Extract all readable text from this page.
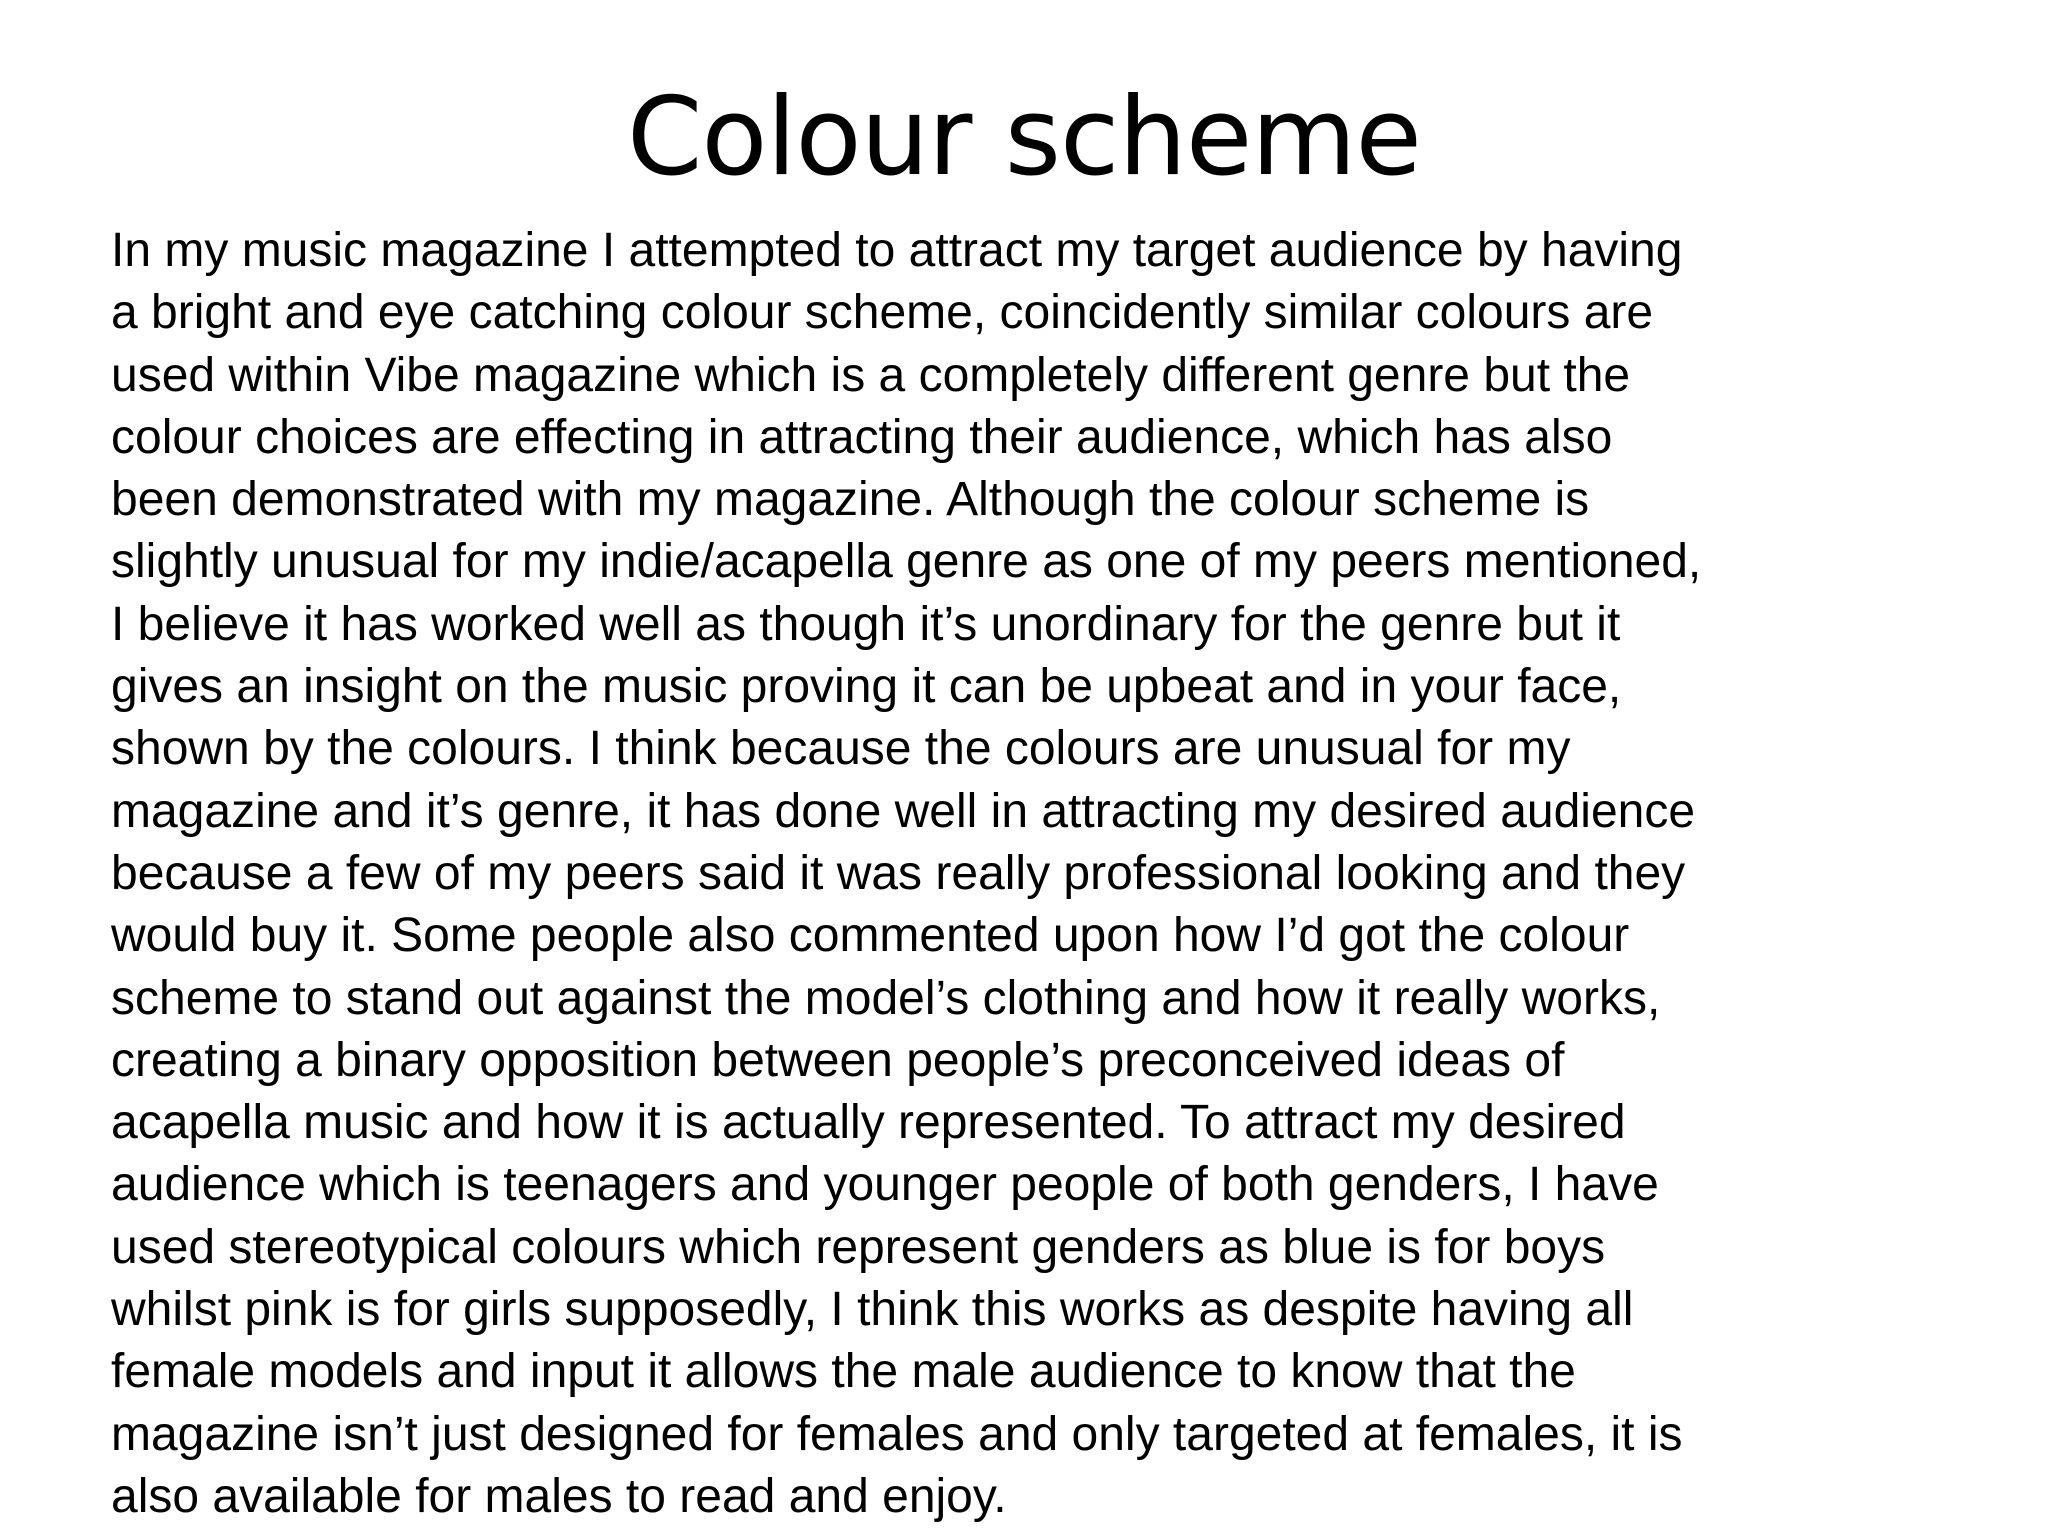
Colour scheme
In my music magazine I attempted to attract my target audience by having
a bright and eye catching colour scheme, coincidently similar colours are
used within Vibe magazine which is a completely different genre but the
colour choices are effecting in attracting their audience, which has also
been demonstrated with my magazine. Although the colour scheme is
slightly unusual for my indie/acapella genre as one of my peers mentioned,
I believe it has worked well as though it’s unordinary for the genre but it
gives an insight on the music proving it can be upbeat and in your face,
shown by the colours. I think because the colours are unusual for my
magazine and it’s genre, it has done well in attracting my desired audience
because a few of my peers said it was really professional looking and they
would buy it. Some people also commented upon how I’d got the colour
scheme to stand out against the model’s clothing and how it really works,
creating a binary opposition between people’s preconceived ideas of
acapella music and how it is actually represented. To attract my desired
audience which is teenagers and younger people of both genders, I have
used stereotypical colours which represent genders as blue is for boys
whilst pink is for girls supposedly, I think this works as despite having all
female models and input it allows the male audience to know that the
magazine isn’t just designed for females and only targeted at females, it is
also available for males to read and enjoy.
